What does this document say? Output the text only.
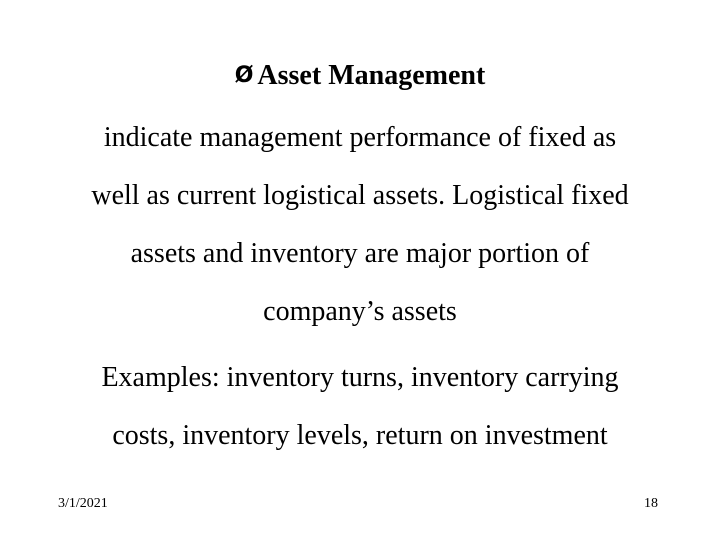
Ø Asset Management
indicate management performance of fixed as
well as current logistical assets. Logistical fixed
assets and inventory are major portion of
company’s assets
Examples: inventory turns, inventory carrying
costs, inventory levels, return on investment
3/1/2021	18
